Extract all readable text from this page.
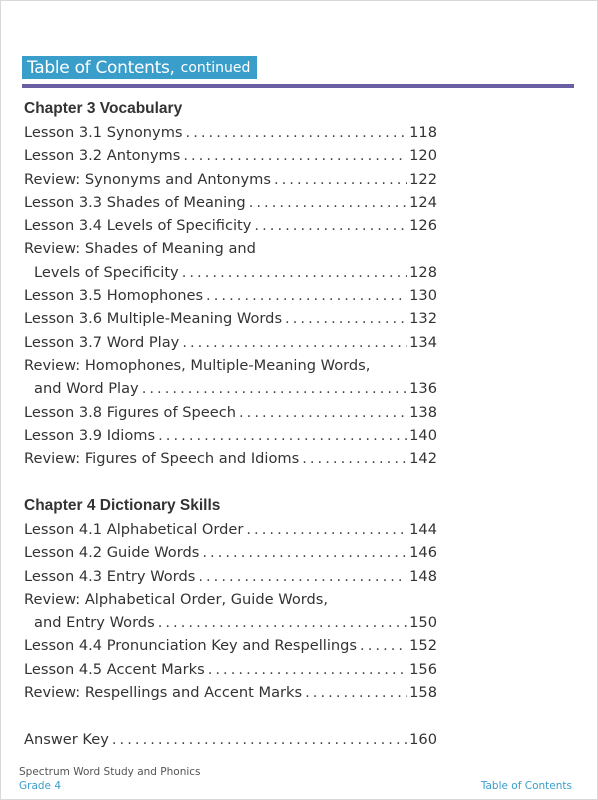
Table of Contents, continued
Chapter 3 Vocabulary
Lesson 3.1 Synonyms . . .	118
Lesson 3.2 Antonyms . . .	120
Review: Synonyms and Antonyms . . .	122
Lesson 3.3 Shades of Meaning . . .	124
Lesson 3.4 Levels of Specificity . . .	126
Review: Shades of Meaning and
Levels of Specificity . . .	128
Lesson 3.5 Homophones . . .	130
Lesson 3.6 Multiple-Meaning Words . . .	132
Lesson 3.7 Word Play . . .	134
Review: Homophones, Multiple-Meaning Words,
and Word Play . . .	136
Lesson 3.8 Figures of Speech . . .	138
Lesson 3.9 Idioms . . .	140
Review: Figures of Speech and Idioms . . .	142
Chapter 4 Dictionary Skills
Lesson 4.1 Alphabetical Order . . .	144
Lesson 4.2 Guide Words . . .	146
Lesson 4.3 Entry Words . . .	148
Review: Alphabetical Order, Guide Words,
and Entry Words . . .	150
Lesson 4.4 Pronunciation Key and Respellings . . .	152
Lesson 4.5 Accent Marks . . .	156
Review: Respellings and Accent Marks . . .	158
Answer Key . . .	160
Spectrum Word Study and Phonics
Grade 4	Table of Contents
